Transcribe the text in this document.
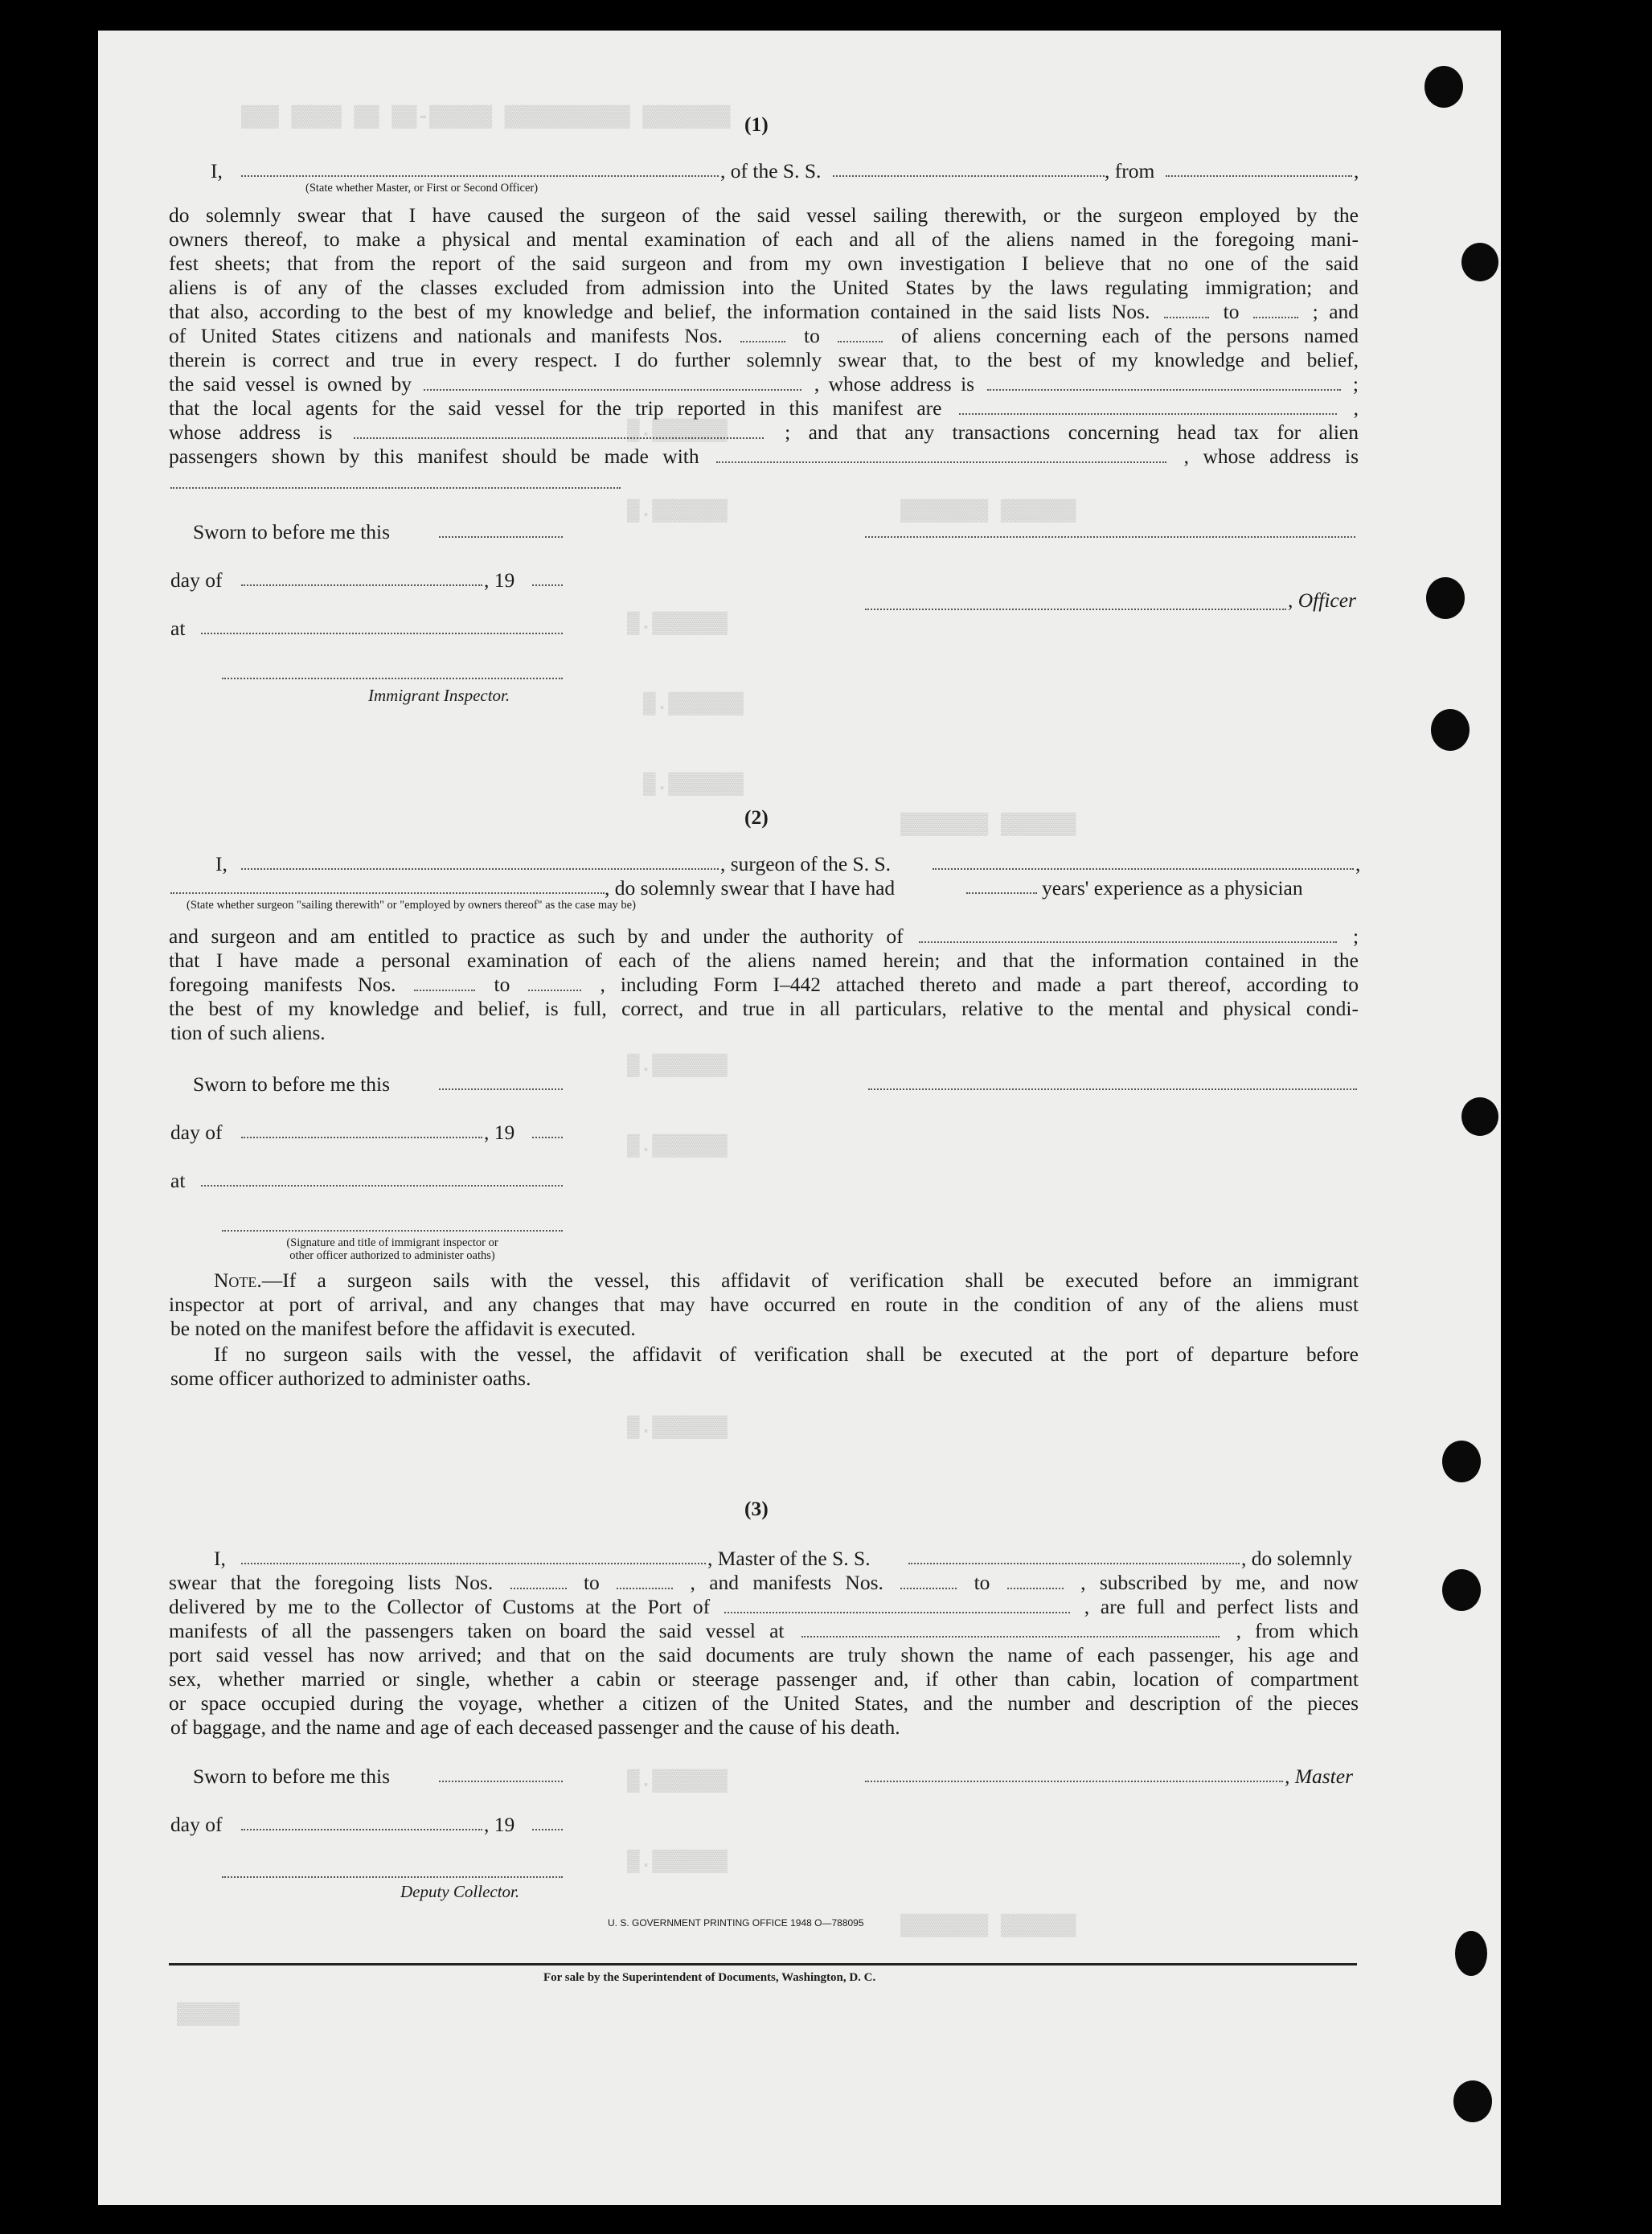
▓▓▓ ▓▓▓▓ ▓▓ ▓▓-▓▓▓▓▓ ▓▓▓▓▓▓▓▓▓▓ ▓▓▓▓▓▓▓
▓.▓▓▓▓▓▓
▓.▓▓▓▓▓▓
▓.▓▓▓▓▓▓
▓.▓▓▓▓▓▓
▓.▓▓▓▓▓▓
▓.▓▓▓▓▓▓
▓.▓▓▓▓▓▓
▓.▓▓▓▓▓▓
▓.▓▓▓▓▓▓
▓.▓▓▓▓▓▓
▓▓▓▓▓▓▓ ▓▓▓▓▓▓
▓▓▓▓▓▓▓ ▓▓▓▓▓▓
▓▓▓▓▓▓▓ ▓▓▓▓▓▓
▓▓▓▓▓
(1)
I,	, of the S. S.	, from	,
(State whether Master, or First or Second Officer)
do solemnly swear that I have caused the surgeon of the said vessel sailing therewith, or the surgeon employed by the
owners thereof, to make a physical and mental examination of each and all of the aliens named in the foregoing mani-
fest sheets; that from the report of the said surgeon and from my own investigation I believe that no one of the said
aliens is of any of the classes excluded from admission into the United States by the laws regulating immigration; and
that also, according to the best of my knowledge and belief, the information contained in the said lists Nos.	to	; and
of United States citizens and nationals and manifests Nos.	to	of aliens concerning each of the persons named
therein is correct and true in every respect. I do further solemnly swear that, to the best of my knowledge and belief,
the said vessel is owned by	, whose address is	;
that the local agents for the said vessel for the trip reported in this manifest are	,
whose address is	; and that any transactions concerning head tax for alien
passengers shown by this manifest should be made with	, whose address is
Sworn to before me this
day of	, 19
, Officer
at
Immigrant Inspector.
(2)
I,	, surgeon of the S. S.	,
, do solemnly swear that I have had	years' experience as a physician
(State whether surgeon "sailing therewith" or "employed by owners thereof" as the case may be)
and surgeon and am entitled to practice as such by and under the authority of	;
that I have made a personal examination of each of the aliens named herein; and that the information contained in the
foregoing manifests Nos.	to	, including Form I–442 attached thereto and made a part thereof, according to
the best of my knowledge and belief, is full, correct, and true in all particulars, relative to the mental and physical condi-
tion of such aliens.
Sworn to before me this
day of	, 19
at
(Signature and title of immigrant inspector or
other officer authorized to administer oaths)
Note.—If a surgeon sails with the vessel, this affidavit of verification shall be executed before an immigrant
inspector at port of arrival, and any changes that may have occurred en route in the condition of any of the aliens must
be noted on the manifest before the affidavit is executed.
If no surgeon sails with the vessel, the affidavit of verification shall be executed at the port of departure before
some officer authorized to administer oaths.
(3)
I,	, Master of the S. S.	, do solemnly
swear that the foregoing lists Nos.	to	, and manifests Nos.	to	, subscribed by me, and now
delivered by me to the Collector of Customs at the Port of	, are full and perfect lists and
manifests of all the passengers taken on board the said vessel at	, from which
port said vessel has now arrived; and that on the said documents are truly shown the name of each passenger, his age and
sex, whether married or single, whether a cabin or steerage passenger and, if other than cabin, location of compartment
or space occupied during the voyage, whether a citizen of the United States, and the number and description of the pieces
of baggage, and the name and age of each deceased passenger and the cause of his death.
Sworn to before me this	, Master
day of	, 19
Deputy Collector.
U. S. GOVERNMENT PRINTING OFFICE 1948 O—788095
For sale by the Superintendent of Documents, Washington, D. C.
